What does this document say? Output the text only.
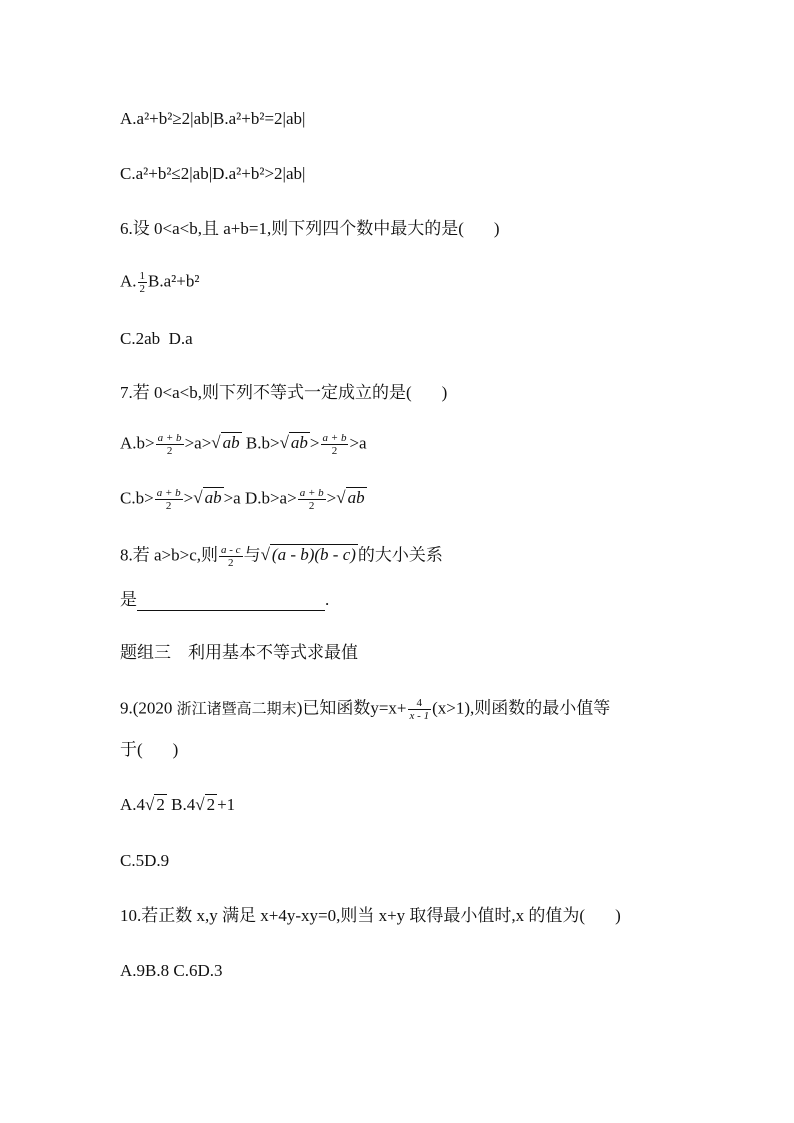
A.a²+b²≥2|ab|B.a²+b²=2|ab|
C.a²+b²≤2|ab|D.a²+b²>2|ab|
6.设 0<a<b,且 a+b=1,则下列四个数中最大的是( )
A. $\frac{1}{2} B.a^2+b^2$
C.2ab D.a
7.若 0<a<b,则下列不等式一定成立的是( )
$A.b> \frac{a + b}{2} >a>√$ ab B.b>√ ab > $\frac{a + b}{2} >a$
$C.b> \frac{a + b}{2}$ >√ ab >a $D.b>a> \frac{a + b}{2}$ >√ ab
8.若 a>b>c,则 $\frac{a - c}{2}$ 与√ (a - b)(b - c) 的大小关系
是	.
题组三　利用基本不等式求最值
9.(2020 浙江诸暨高二期末)已知函数$y=x+ \frac{4}{x - 1} (x>1)$,则函数的最小值等
于( )
A.4√ 2 B.4√ 2 +1
C.5D.9
10.若正数 x,y 满足 x+4y-xy=0,则当 x+y 取得最小值时,x 的值为( )
A.9B.8 C.6D.3
